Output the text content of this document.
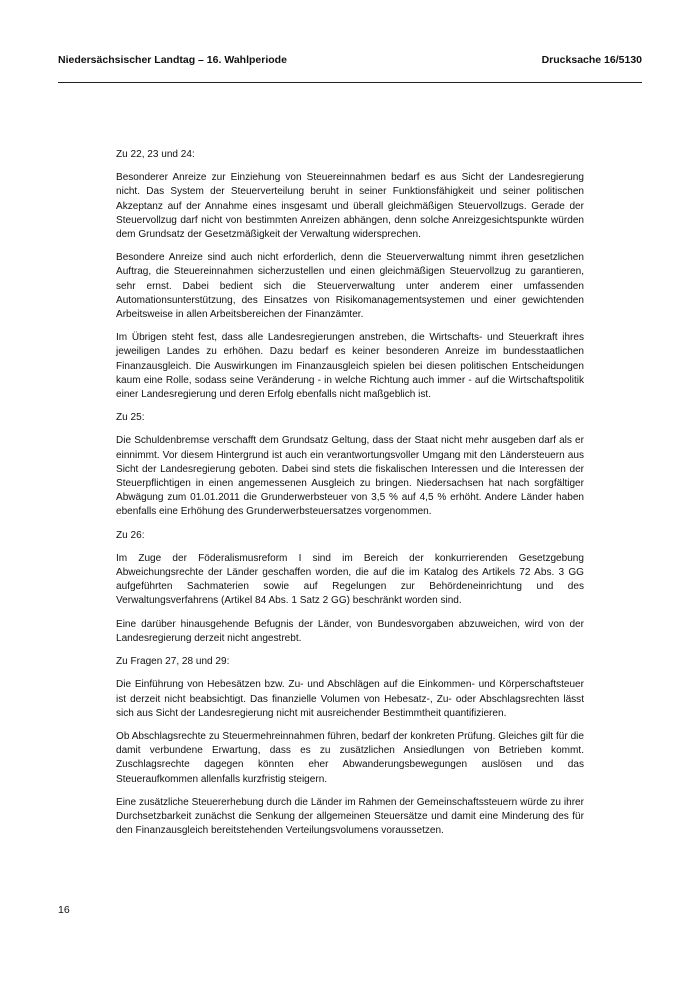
Niedersächsischer Landtag – 16. Wahlperiode	Drucksache 16/5130

Zu 22, 23 und 24:

Besonderer Anreize zur Einziehung von Steuereinnahmen bedarf es aus Sicht der Landesregierung nicht. Das System der Steuerverteilung beruht in seiner Funktionsfähigkeit und seiner politischen Akzeptanz auf der Annahme eines insgesamt und überall gleichmäßigen Steuervollzugs. Gerade der Steuervollzug darf nicht von bestimmten Anreizen abhängen, denn solche Anreizgesichtspunkte würden dem Grundsatz der Gesetzmäßigkeit der Verwaltung widersprechen.

Besondere Anreize sind auch nicht erforderlich, denn die Steuerverwaltung nimmt ihren gesetzlichen Auftrag, die Steuereinnahmen sicherzustellen und einen gleichmäßigen Steuervollzug zu garantieren, sehr ernst. Dabei bedient sich die Steuerverwaltung unter anderem einer umfassenden Automationsunterstützung, des Einsatzes von Risikomanagementsystemen und einer gewichtenden Arbeitsweise in allen Arbeitsbereichen der Finanzämter.

Im Übrigen steht fest, dass alle Landesregierungen anstreben, die Wirtschafts- und Steuerkraft ihres jeweiligen Landes zu erhöhen. Dazu bedarf es keiner besonderen Anreize im bundesstaatlichen Finanzausgleich. Die Auswirkungen im Finanzausgleich spielen bei diesen politischen Entscheidungen kaum eine Rolle, sodass seine Veränderung - in welche Richtung auch immer - auf die Wirtschaftspolitik einer Landesregierung und deren Erfolg ebenfalls nicht maßgeblich ist.

Zu 25:

Die Schuldenbremse verschafft dem Grundsatz Geltung, dass der Staat nicht mehr ausgeben darf als er einnimmt. Vor diesem Hintergrund ist auch ein verantwortungsvoller Umgang mit den Ländersteuern aus Sicht der Landesregierung geboten. Dabei sind stets die fiskalischen Interessen und die Interessen der Steuerpflichtigen in einen angemessenen Ausgleich zu bringen. Niedersachsen hat nach sorgfältiger Abwägung zum 01.01.2011 die Grunderwerbsteuer von 3,5 % auf 4,5 % erhöht. Andere Länder haben ebenfalls eine Erhöhung des Grunderwerbsteuersatzes vorgenommen.

Zu 26:

Im Zuge der Föderalismusreform I sind im Bereich der konkurrierenden Gesetzgebung Abweichungsrechte der Länder geschaffen worden, die auf die im Katalog des Artikels 72 Abs. 3 GG aufgeführten Sachmaterien sowie auf Regelungen zur Behördeneinrichtung und des Verwaltungsverfahrens (Artikel 84 Abs. 1 Satz 2 GG) beschränkt worden sind.

Eine darüber hinausgehende Befugnis der Länder, von Bundesvorgaben abzuweichen, wird von der Landesregierung derzeit nicht angestrebt.

Zu Fragen 27, 28 und 29:

Die Einführung von Hebesätzen bzw. Zu- und Abschlägen auf die Einkommen- und Körperschaftsteuer ist derzeit nicht beabsichtigt. Das finanzielle Volumen von Hebesatz-, Zu- oder Abschlagsrechten lässt sich aus Sicht der Landesregierung nicht mit ausreichender Bestimmtheit quantifizieren.

Ob Abschlagsrechte zu Steuermehreinnahmen führen, bedarf der konkreten Prüfung. Gleiches gilt für die damit verbundene Erwartung, dass es zu zusätzlichen Ansiedlungen von Betrieben kommt. Zuschlagsrechte dagegen könnten eher Abwanderungsbewegungen auslösen und das Steueraufkommen allenfalls kurzfristig steigern.

Eine zusätzliche Steuererhebung durch die Länder im Rahmen der Gemeinschaftssteuern würde zu ihrer Durchsetzbarkeit zunächst die Senkung der allgemeinen Steuersätze und damit eine Minderung des für den Finanzausgleich bereitstehenden Verteilungsvolumens voraussetzen.

16
